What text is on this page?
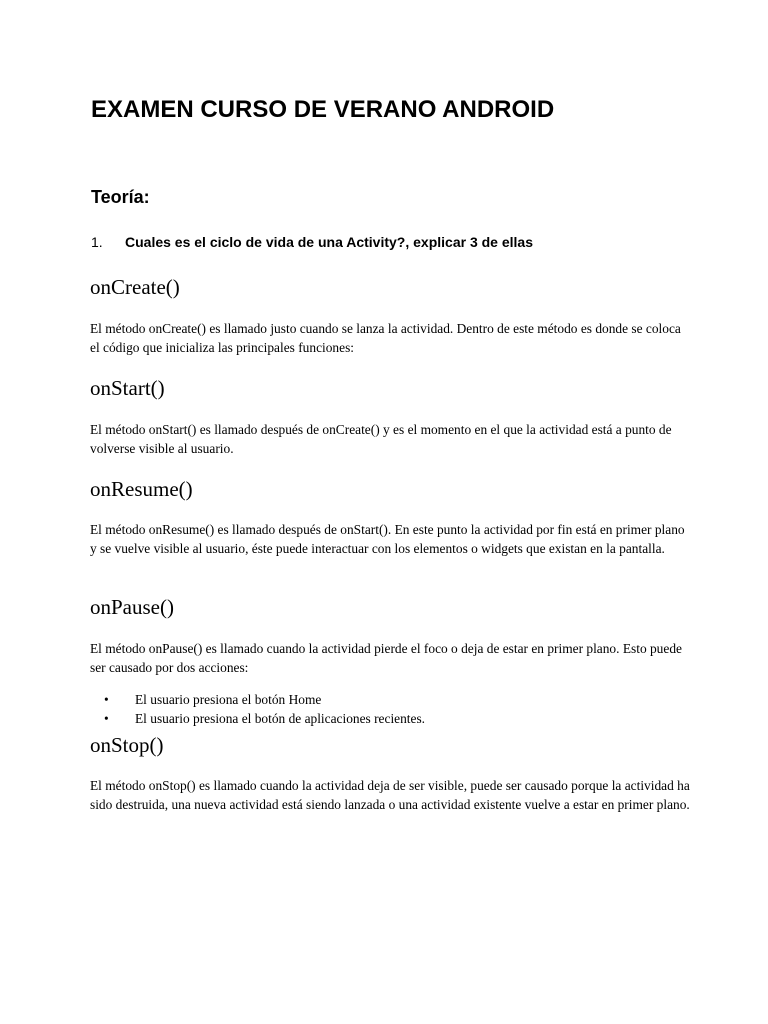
EXAMEN CURSO DE VERANO ANDROID
Teoría:

1. Cuales es el ciclo de vida de una Activity?, explicar 3 de ellas

onCreate()

El método onCreate() es llamado justo cuando se lanza la actividad. Dentro de este método es donde se coloca el código que inicializa las principales funciones:

onStart()

El método onStart() es llamado después de onCreate() y es el momento en el que la actividad está a punto de volverse visible al usuario.

onResume()

El método onResume() es llamado después de onStart(). En este punto la actividad por fin está en primer plano y se vuelve visible al usuario, éste puede interactuar con los elementos o widgets que existan en la pantalla.

onPause()

El método onPause() es llamado cuando la actividad pierde el foco o deja de estar en primer plano. Esto puede ser causado por dos acciones:

• El usuario presiona el botón Home
• El usuario presiona el botón de aplicaciones recientes.
onStop()

El método onStop() es llamado cuando la actividad deja de ser visible, puede ser causado porque la actividad ha sido destruida, una nueva actividad está siendo lanzada o una actividad existente vuelve a estar en primer plano.
